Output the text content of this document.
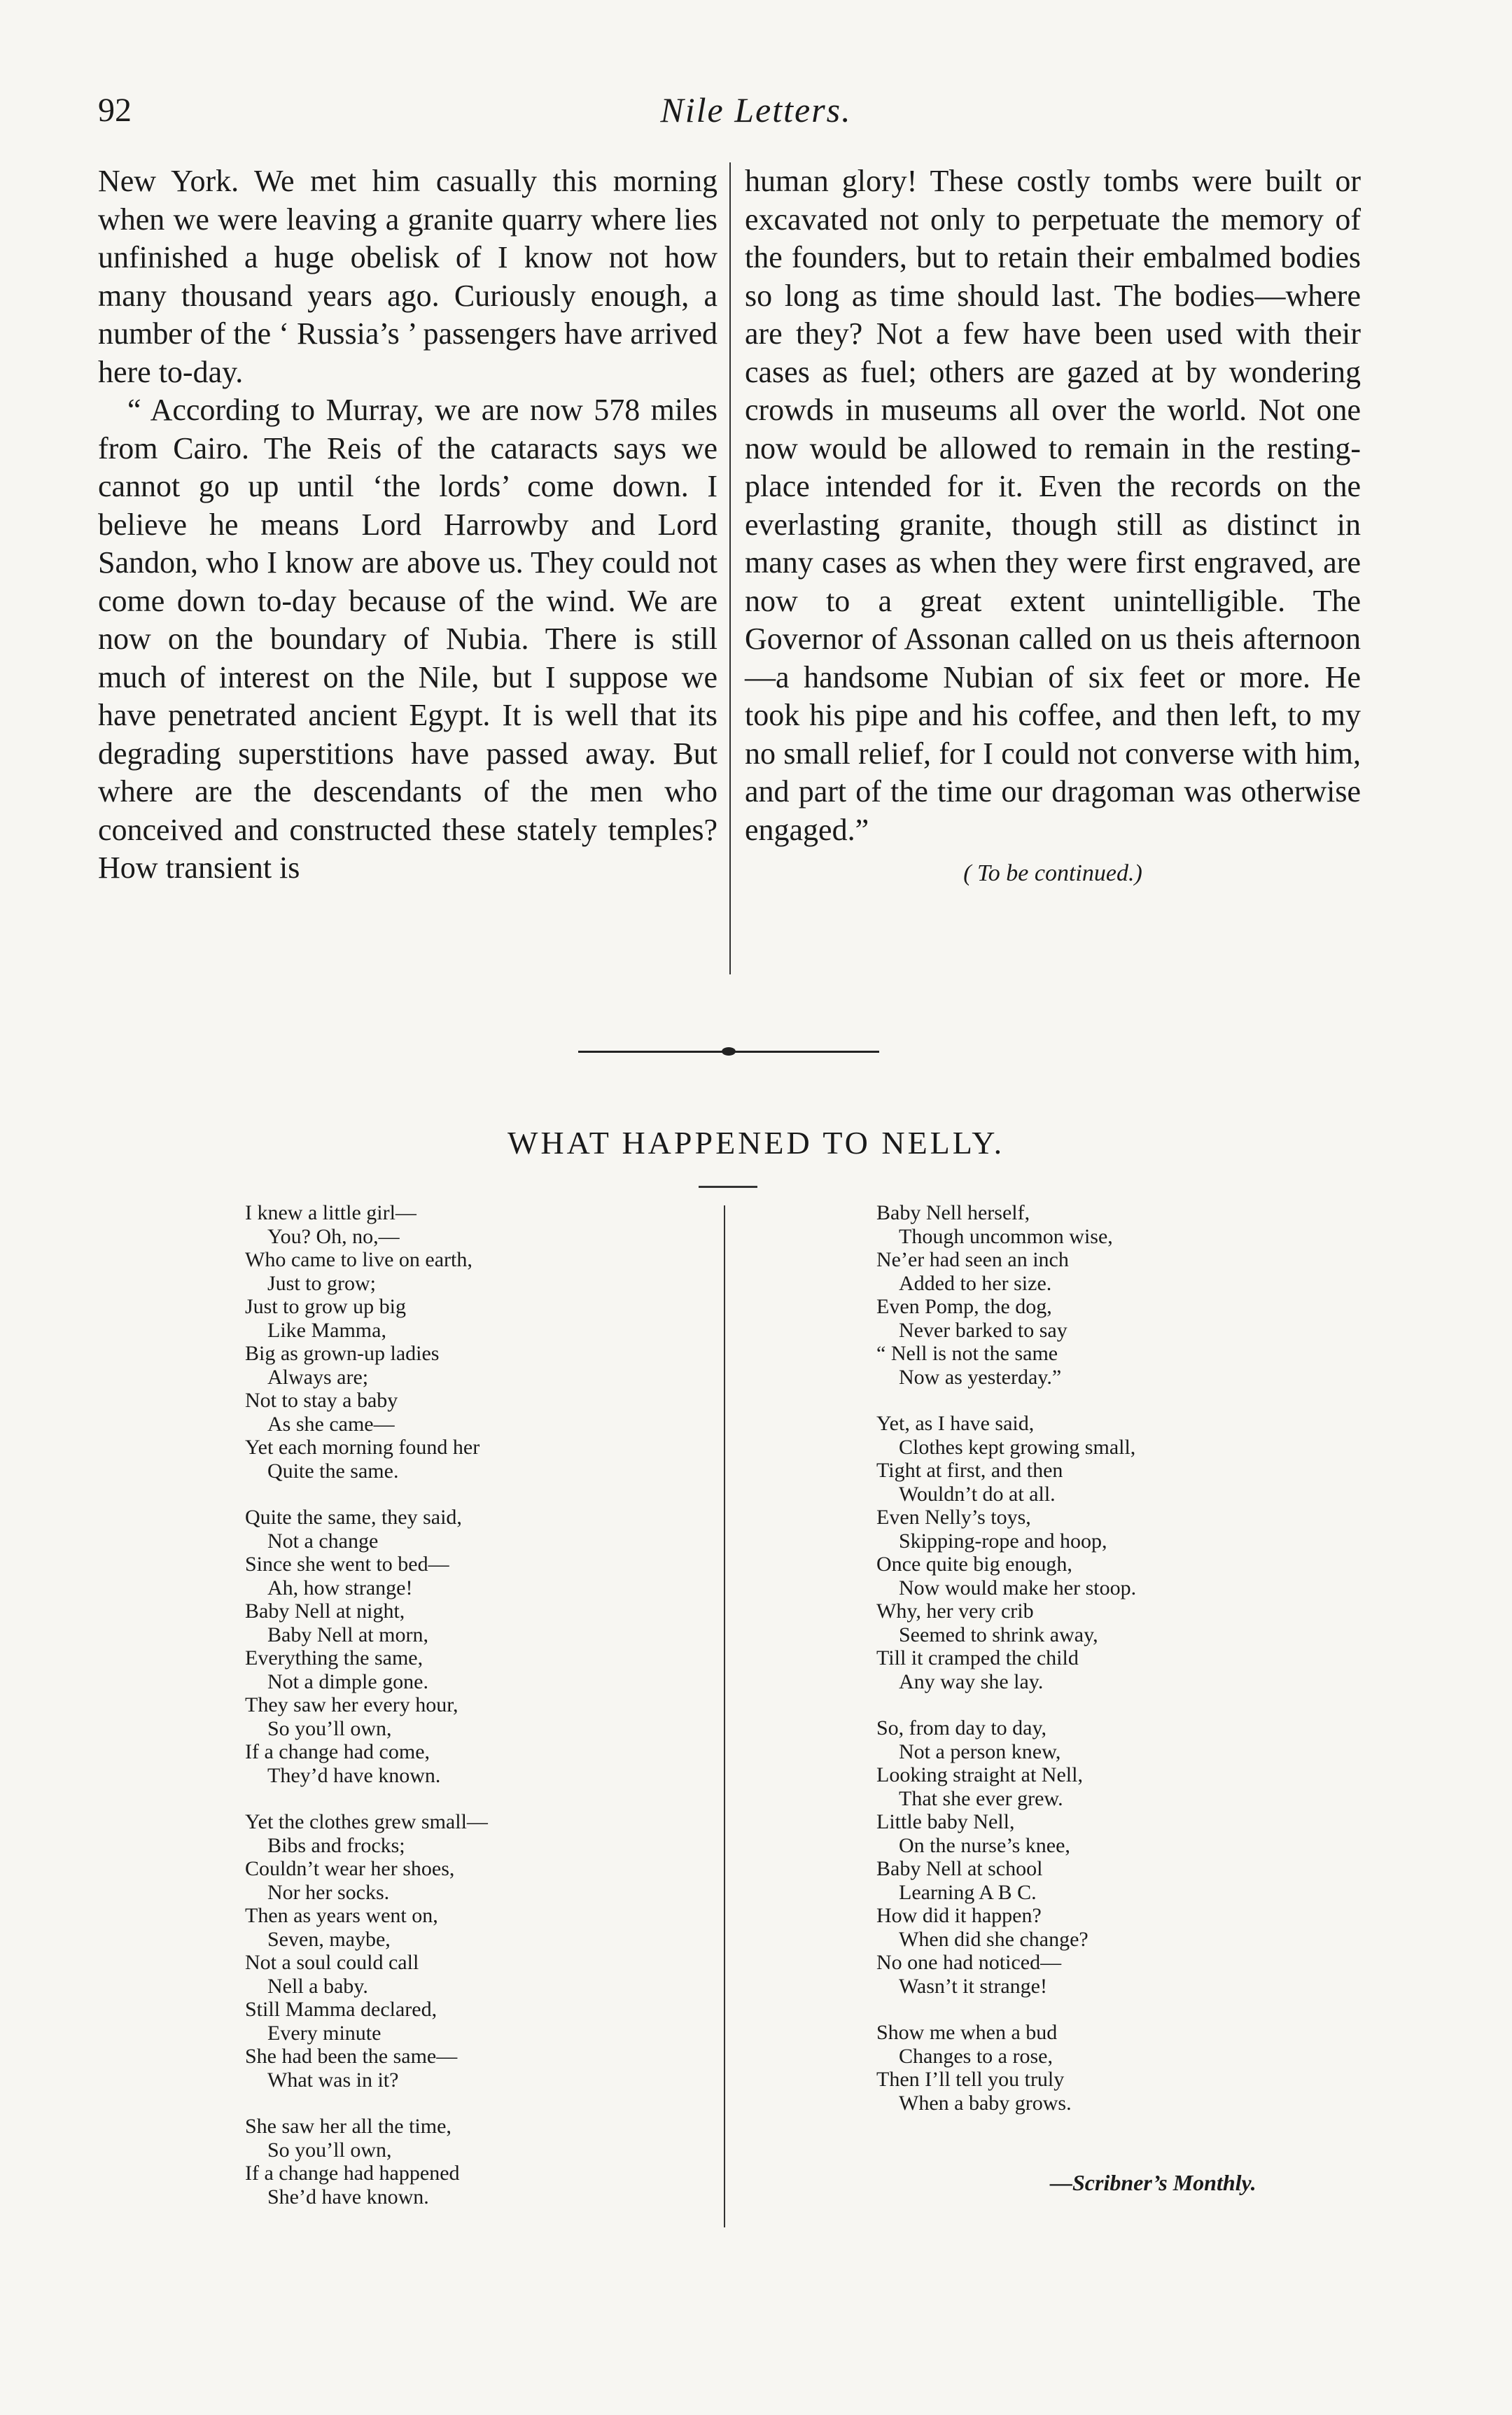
92	Nile Letters.

New York. We met him casually this morning when we were leaving a granite quarry where lies unfinished a huge obelisk of I know not how many thousand years ago. Curiously enough, a number of the ‘ Russia’s ’ passengers have arrived here to-day.

“ According to Murray, we are now 578 miles from Cairo. The Reis of the cataracts says we cannot go up until ‘the lords’ come down. I believe he means Lord Harrowby and Lord Sandon, who I know are above us. They could not come down to-day because of the wind. We are now on the boundary of Nubia. There is still much of interest on the Nile, but I suppose we have penetrated ancient Egypt. It is well that its degrading superstitions have passed away. But where are the descendants of the men who conceived and constructed these stately temples? How transient is

human glory! These costly tombs were built or excavated not only to perpetuate the memory of the founders, but to retain their embalmed bodies so long as time should last. The bodies—where are they? Not a few have been used with their cases as fuel; others are gazed at by wondering crowds in museums all over the world. Not one now would be allowed to remain in the resting-place intended for it. Even the records on the everlasting granite, though still as distinct in many cases as when they were first engraved, are now to a great extent unintelligible. The Governor of Assonan called on us theis afternoon—a handsome Nubian of six feet or more. He took his pipe and his coffee, and then left, to my no small relief, for I could not converse with him, and part of the time our dragoman was otherwise engaged.”

( To be continued.)
WHAT HAPPENED TO NELLY.
I knew a little girl—
You? Oh, no,—
Who came to live on earth,
Just to grow;
Just to grow up big
Like Mamma,
Big as grown-up ladies
Always are;
Not to stay a baby
As she came—
Yet each morning found her
Quite the same.
Quite the same, they said,
Not a change
Since she went to bed—
Ah, how strange!
Baby Nell at night,
Baby Nell at morn,
Everything the same,
Not a dimple gone.
They saw her every hour,
So you’ll own,
If a change had come,
They’d have known.
Yet the clothes grew small—
Bibs and frocks;
Couldn’t wear her shoes,
Nor her socks.
Then as years went on,
Seven, maybe,
Not a soul could call
Nell a baby.
Still Mamma declared,
Every minute
She had been the same—
What was in it?
She saw her all the time,
So you’ll own,
If a change had happened
She’d have known.
Baby Nell herself,
Though uncommon wise,
Ne’er had seen an inch
Added to her size.
Even Pomp, the dog,
Never barked to say
“ Nell is not the same
Now as yesterday.”
Yet, as I have said,
Clothes kept growing small,
Tight at first, and then
Wouldn’t do at all.
Even Nelly’s toys,
Skipping-rope and hoop,
Once quite big enough,
Now would make her stoop.
Why, her very crib
Seemed to shrink away,
Till it cramped the child
Any way she lay.
So, from day to day,
Not a person knew,
Looking straight at Nell,
That she ever grew.
Little baby Nell,
On the nurse’s knee,
Baby Nell at school
Learning A B C.
How did it happen?
When did she change?
No one had noticed—
Wasn’t it strange!
Show me when a bud
Changes to a rose,
Then I’ll tell you truly
When a baby grows.
—Scribner’s Monthly.
